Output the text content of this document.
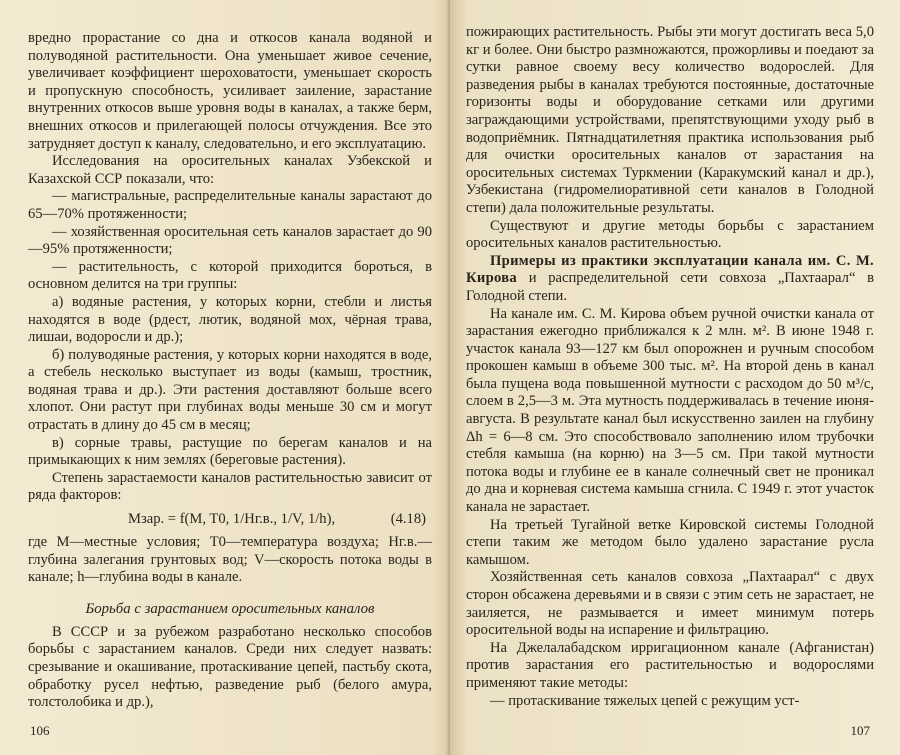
вредно прорастание со дна и откосов канала водяной и полуводяной растительности. Она уменьшает живое сечение, увеличивает коэффициент шероховатости, уменьшает скорость и пропускную способность, усиливает заиление, зарастание внутренних откосов выше уровня воды в каналах, а также берм, внешних откосов и прилегающей полосы отчуждения. Все это затрудняет доступ к каналу, следовательно, и его эксплуатацию.

Исследования на оросительных каналах Узбекской и Казахской ССР показали, что:

— магистральные, распределительные каналы зарастают до 65—70% протяженности;

— хозяйственная оросительная сеть каналов зарастает до 90—95% протяженности;

— растительность, с которой приходится бороться, в основном делится на три группы:

а) водяные растения, у которых корни, стебли и листья находятся в воде (рдест, лютик, водяной мох, чёрная трава, лишаи, водоросли и др.);

б) полуводяные растения, у которых корни находятся в воде, а стебель несколько выступает из воды (камыш, тростник, водяная трава и др.). Эти растения доставляют больше всего хлопот. Они растут при глубинах воды меньше 30 см и могут отрастать в длину до 45 см в месяц;

в) сорные травы, растущие по берегам каналов и на примыкающих к ним землях (береговые растения).

Степень зарастаемости каналов растительностью зависит от ряда факторов:

Mзар. = f(M, T0, 1/Hг.в., 1/V, 1/h),	(4.18)

где М—местные условия; T0—температура воздуха; Hг.в.—глубина залегания грунтовых вод; V—скорость потока воды в канале; h—глубина воды в канале.

Борьба с зарастанием оросительных каналов

В СССР и за рубежом разработано несколько способов борьбы с зарастанием каналов. Среди них следует назвать: срезывание и окашивание, протаскивание цепей, пастьбу скота, обработку русел нефтью, разведение рыб (белого амура, толстолобика и др.),

106

пожирающих растительность. Рыбы эти могут достигать веса 5,0 кг и более. Они быстро размножаются, прожорливы и поедают за сутки равное своему весу количество водорослей. Для разведения рыбы в каналах требуются постоянные, достаточные горизонты воды и оборудование сетками или другими заграждающими устройствами, препятствующими уходу рыб в водоприёмник. Пятнадцатилетняя практика использования рыб для очистки оросительных каналов от зарастания на оросительных системах Туркмении (Каракумский канал и др.), Узбекистана (гидромелиоративной сети каналов в Голодной степи) дала положительные результаты.

Существуют и другие методы борьбы с зарастанием оросительных каналов растительностью.

Примеры из практики эксплуатации канала им. С. М. Кирова и распределительной сети совхоза „Пахтаарал“ в Голодной степи.

На канале им. С. М. Кирова объем ручной очистки канала от зарастания ежегодно приближался к 2 млн. м². В июне 1948 г. участок канала 93—127 км был опорожнен и ручным способом прокошен камыш в объеме 300 тыс. м². На второй день в канал была пущена вода повышенной мутности с расходом до 50 м³/с, слоем в 2,5—3 м. Эта мутность поддерживалась в течение июня-августа. В результате канал был искусственно заилен на глубину Δh = 6—8 см. Это способствовало заполнению илом трубочки стебля камыша (на корню) на 3—5 см. При такой мутности потока воды и глубине ее в канале солнечный свет не проникал до дна и корневая система камыша сгнила. С 1949 г. этот участок канала не зарастает.

На третьей Тугайной ветке Кировской системы Голодной степи таким же методом было удалено зарастание русла камышом.

Хозяйственная сеть каналов совхоза „Пахтаарал“ с двух сторон обсажена деревьями и в связи с этим сеть не зарастает, не заиляется, не размывается и имеет минимум потерь оросительной воды на испарение и фильтрацию.

На Джелалабадском ирригационном канале (Афганистан) против зарастания его растительностью и водорослями применяют такие методы:

— протаскивание тяжелых цепей с режущим уст-

107
